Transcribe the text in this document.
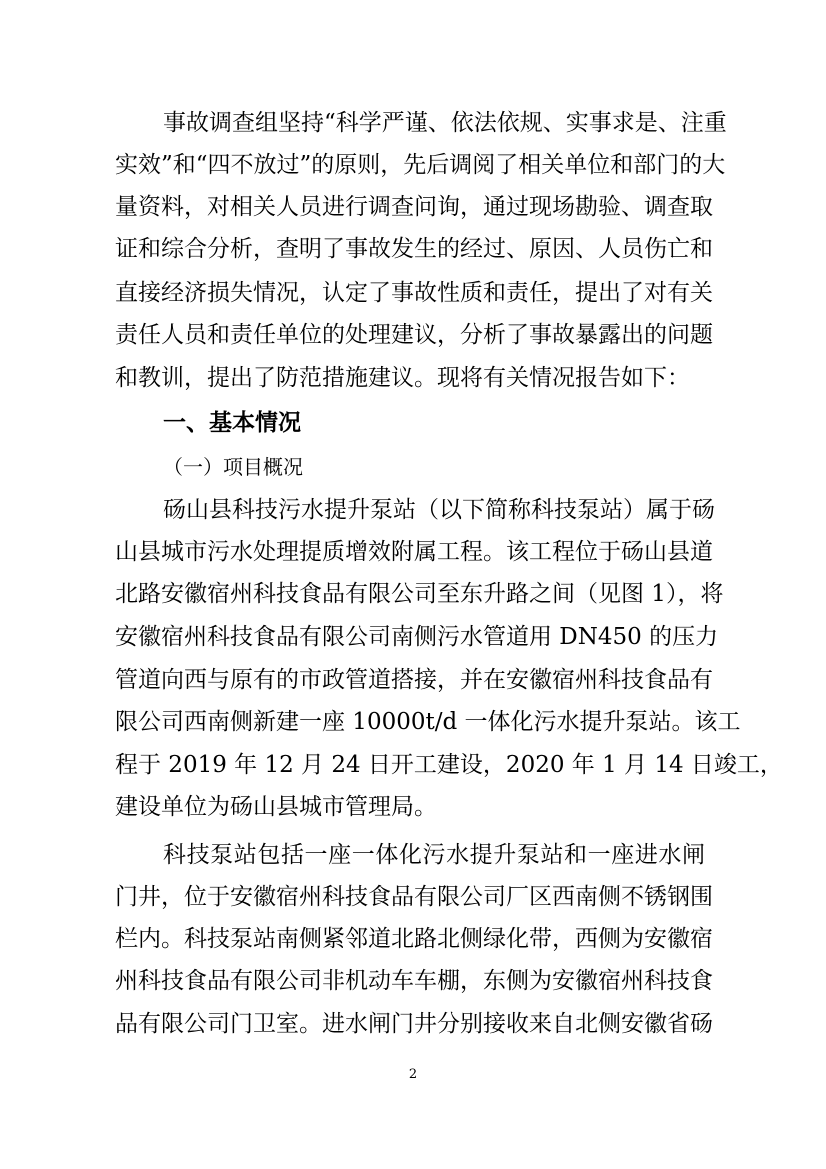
事故调查组坚持“科学严谨、依法依规、实事求是、注重
实效”和“四不放过”的原则，先后调阅了相关单位和部门的大
量资料，对相关人员进行调查问询，通过现场勘验、调查取
证和综合分析，查明了事故发生的经过、原因、人员伤亡和
直接经济损失情况，认定了事故性质和责任，提出了对有关
责任人员和责任单位的处理建议，分析了事故暴露出的问题
和教训，提出了防范措施建议。现将有关情况报告如下：
一、基本情况
（一）项目概况
砀山县科技污水提升泵站（以下简称科技泵站）属于砀
山县城市污水处理提质增效附属工程。该工程位于砀山县道
北路安徽宿州科技食品有限公司至东升路之间（见图 1），将
安徽宿州科技食品有限公司南侧污水管道用 DN450 的压力
管道向西与原有的市政管道搭接，并在安徽宿州科技食品有
限公司西南侧新建一座 10000t/d 一体化污水提升泵站。该工
程于 2019 年 12 月 24 日开工建设，2020 年 1 月 14 日竣工，
建设单位为砀山县城市管理局。
科技泵站包括一座一体化污水提升泵站和一座进水闸
门井，位于安徽宿州科技食品有限公司厂区西南侧不锈钢围
栏内。科技泵站南侧紧邻道北路北侧绿化带，西侧为安徽宿
州科技食品有限公司非机动车车棚，东侧为安徽宿州科技食
品有限公司门卫室。进水闸门井分别接收来自北侧安徽省砀
2
